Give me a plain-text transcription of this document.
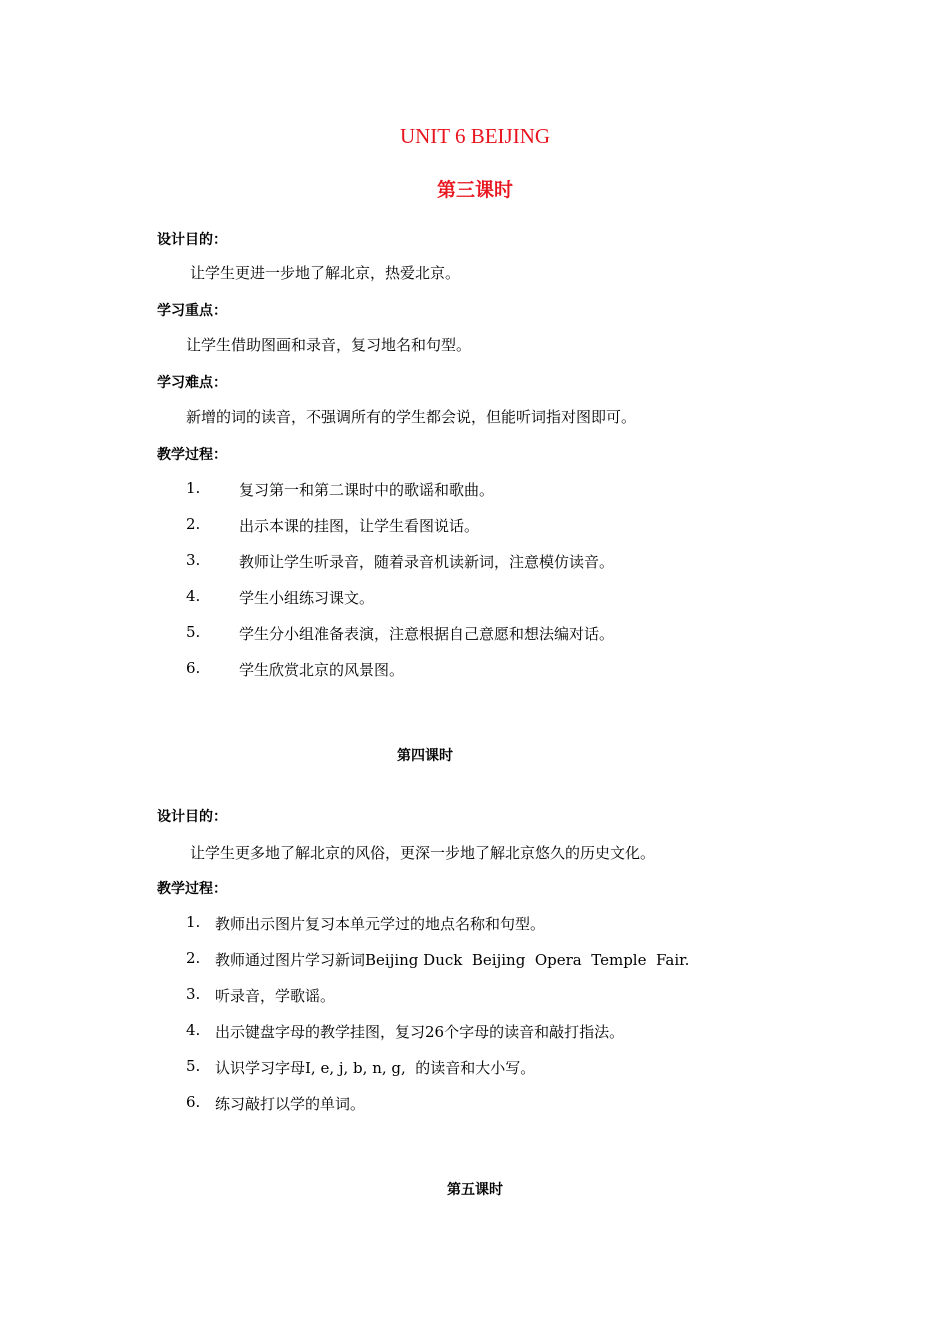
UNIT 6 BEIJING
第三课时
设计目的：
让学生更进一步地了解北京，热爱北京。
学习重点：
让学生借助图画和录音，复习地名和句型。
学习难点：
新增的词的读音，不强调所有的学生都会说，但能听词指对图即可。
教学过程：
1.	复习第一和第二课时中的歌谣和歌曲。
2.	出示本课的挂图，让学生看图说话。
3.	教师让学生听录音，随着录音机读新词，注意模仿读音。
4.	学生小组练习课文。
5.	学生分小组准备表演，注意根据自己意愿和想法编对话。
6.	学生欣赏北京的风景图。
第四课时
设计目的：
让学生更多地了解北京的风俗，更深一步地了解北京悠久的历史文化。
教学过程：
1. 教师出示图片复习本单元学过的地点名称和句型。
2. 教师通过图片学习新词Beijing Duck  Beijing  Opera  Temple  Fair.
3. 听录音，学歌谣。
4. 出示键盘字母的教学挂图，复习26个字母的读音和敲打指法。
5. 认识学习字母I, e, j, b, n, g,  的读音和大小写。
6. 练习敲打以学的单词。
第五课时
